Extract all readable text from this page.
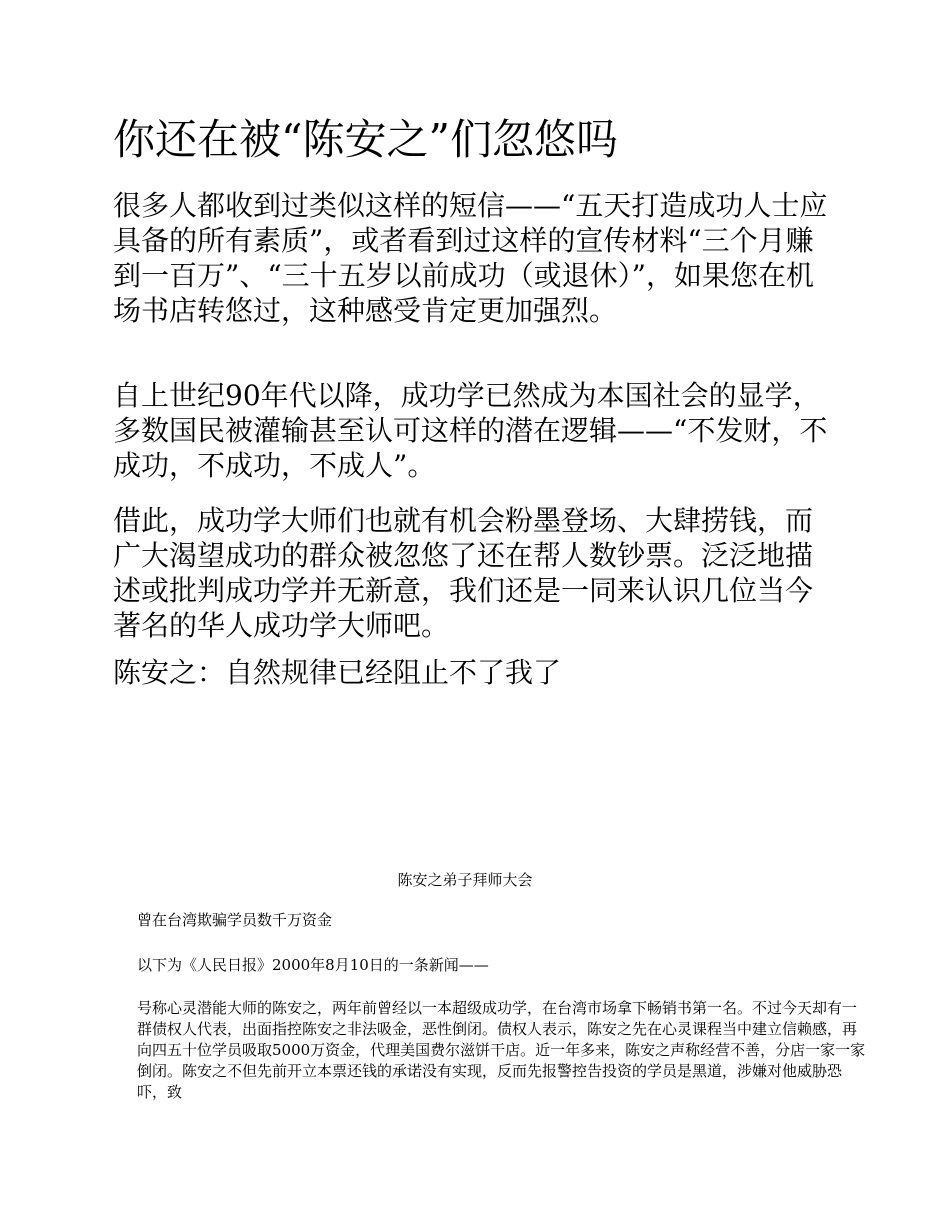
你还在被“陈安之”们忽悠吗

很多人都收到过类似这样的短信——“五天打造成功人士应具备的所有素质”，或者看到过这样的宣传材料“三个月赚到一百万”、“三十五岁以前成功（或退休）”，如果您在机场书店转悠过，这种感受肯定更加强烈。

自上世纪90年代以降，成功学已然成为本国社会的显学，多数国民被灌输甚至认可这样的潜在逻辑——“不发财，不成功，不成功，不成人”。

借此，成功学大师们也就有机会粉墨登场、大肆捞钱，而广大渴望成功的群众被忽悠了还在帮人数钞票。泛泛地描述或批判成功学并无新意，我们还是一同来认识几位当今著名的华人成功学大师吧。

陈安之：自然规律已经阻止不了我了

陈安之弟子拜师大会

曾在台湾欺骗学员数千万资金

以下为《人民日报》2000年8月10日的一条新闻——

号称心灵潜能大师的陈安之，两年前曾经以一本超级成功学，在台湾市场拿下畅销书第一名。不过今天却有一群债权人代表，出面指控陈安之非法吸金，恶性倒闭。债权人表示，陈安之先在心灵课程当中建立信赖感，再向四五十位学员吸取5000万资金，代理美国费尔滋饼干店。近一年多来，陈安之声称经营不善，分店一家一家倒闭。陈安之不但先前开立本票还钱的承诺没有实现，反而先报警控告投资的学员是黑道，涉嫌对他威胁恐吓，致
